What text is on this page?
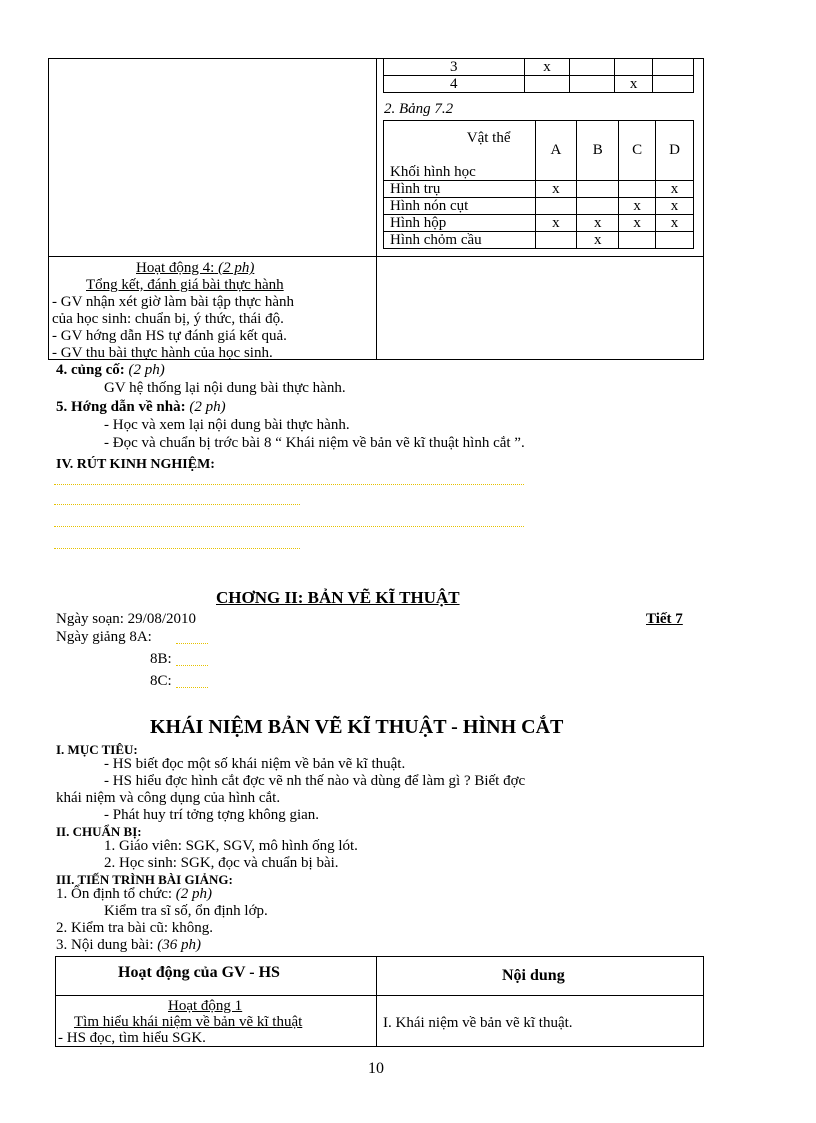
3	x			
4			x	
2. Bảng 7.2
Vật thể
Khối hình học	A	B	C	D
Hình trụ	x			x
Hình nón cụt			x	x
Hình hộp	x	x	x	x
Hình chỏm cầu		x		
Hoạt động 4: (2 ph)
Tổng kết, đánh giá bài thực hành
- GV nhận xét giờ làm bài tập thực hành
của học sinh: chuẩn bị, ý thức, thái độ.
- GV hớng dẫn HS tự đánh giá kết quả.
- GV thu bài thực hành của học sinh.
4. củng cố: (2 ph)
GV hệ thống lại nội dung bài thực hành.
5. Hớng dẫn về nhà: (2 ph)
- Học và xem lại nội dung bài thực hành.
- Đọc và chuẩn bị trớc bài 8 “ Khái niệm về bản vẽ kĩ thuật hình cắt ”.
IV. RÚT KINH NGHIỆM:
CHƠNG II: BẢN VẼ KĨ THUẬT
Ngày soạn: 29/08/2010	Tiết 7
Ngày giảng 8A:
8B:
8C:
KHÁI NIỆM BẢN VẼ KĨ THUẬT - HÌNH CẮT
I. MỤC TIÊU:
- HS biết đọc một số khái niệm về bản vẽ kĩ thuật.
- HS hiểu đợc hình cắt đợc vẽ nh thế nào và dùng để làm gì ? Biết đợc
khái niệm và công dụng của hình cắt.
- Phát huy trí tởng tợng không gian.
II. CHUẨN BỊ:
1. Giáo viên: SGK, SGV, mô hình ống lót.
2. Học sinh: SGK, đọc và chuẩn bị bài.
III. TIẾN TRÌNH BÀI GIẢNG:
1. Ổn định tổ chức: (2 ph)
Kiểm tra sĩ số, ổn định lớp.
2. Kiểm tra bài cũ: không.
3. Nội dung bài: (36 ph)
Hoạt động của GV - HS	Nội dung
Hoạt động 1
Tìm hiểu khái niệm về bản vẽ kĩ thuật
- HS đọc, tìm hiểu SGK.
I. Khái niệm về bản vẽ kĩ thuật.
10
